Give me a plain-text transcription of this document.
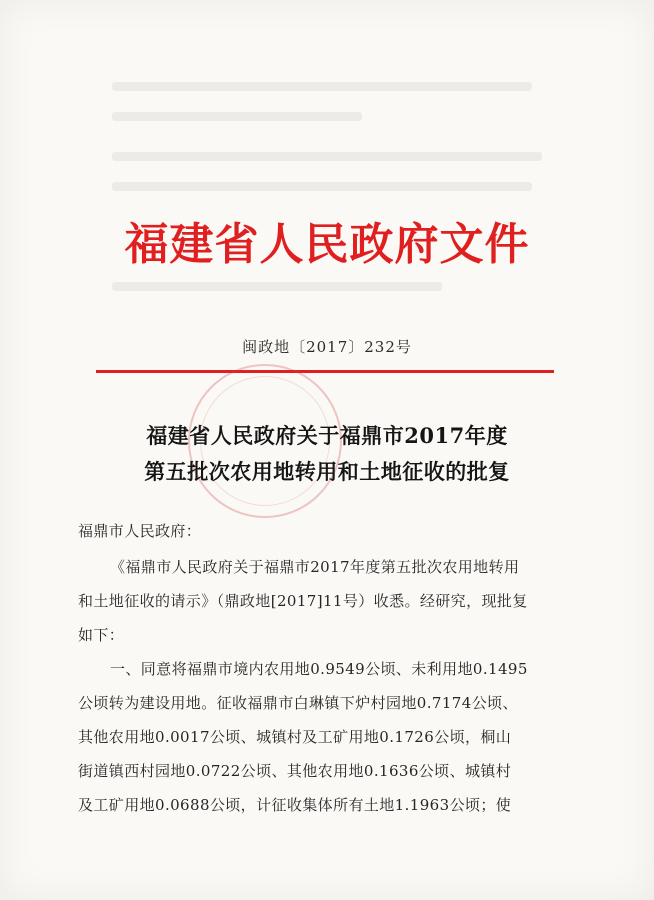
福建省人民政府文件
闽政地〔2017〕232号
福建省人民政府关于福鼎市2017年度
第五批次农用地转用和土地征收的批复
福鼎市人民政府：
《福鼎市人民政府关于福鼎市2017年度第五批次农用地转用
和土地征收的请示》（鼎政地[2017]11号）收悉。经研究，现批复
如下：
一、同意将福鼎市境内农用地0.9549公顷、未利用地0.1495
公顷转为建设用地。征收福鼎市白琳镇下炉村园地0.7174公顷、
其他农用地0.0017公顷、城镇村及工矿用地0.1726公顷，桐山
街道镇西村园地0.0722公顷、其他农用地0.1636公顷、城镇村
及工矿用地0.0688公顷，计征收集体所有土地1.1963公顷；使
